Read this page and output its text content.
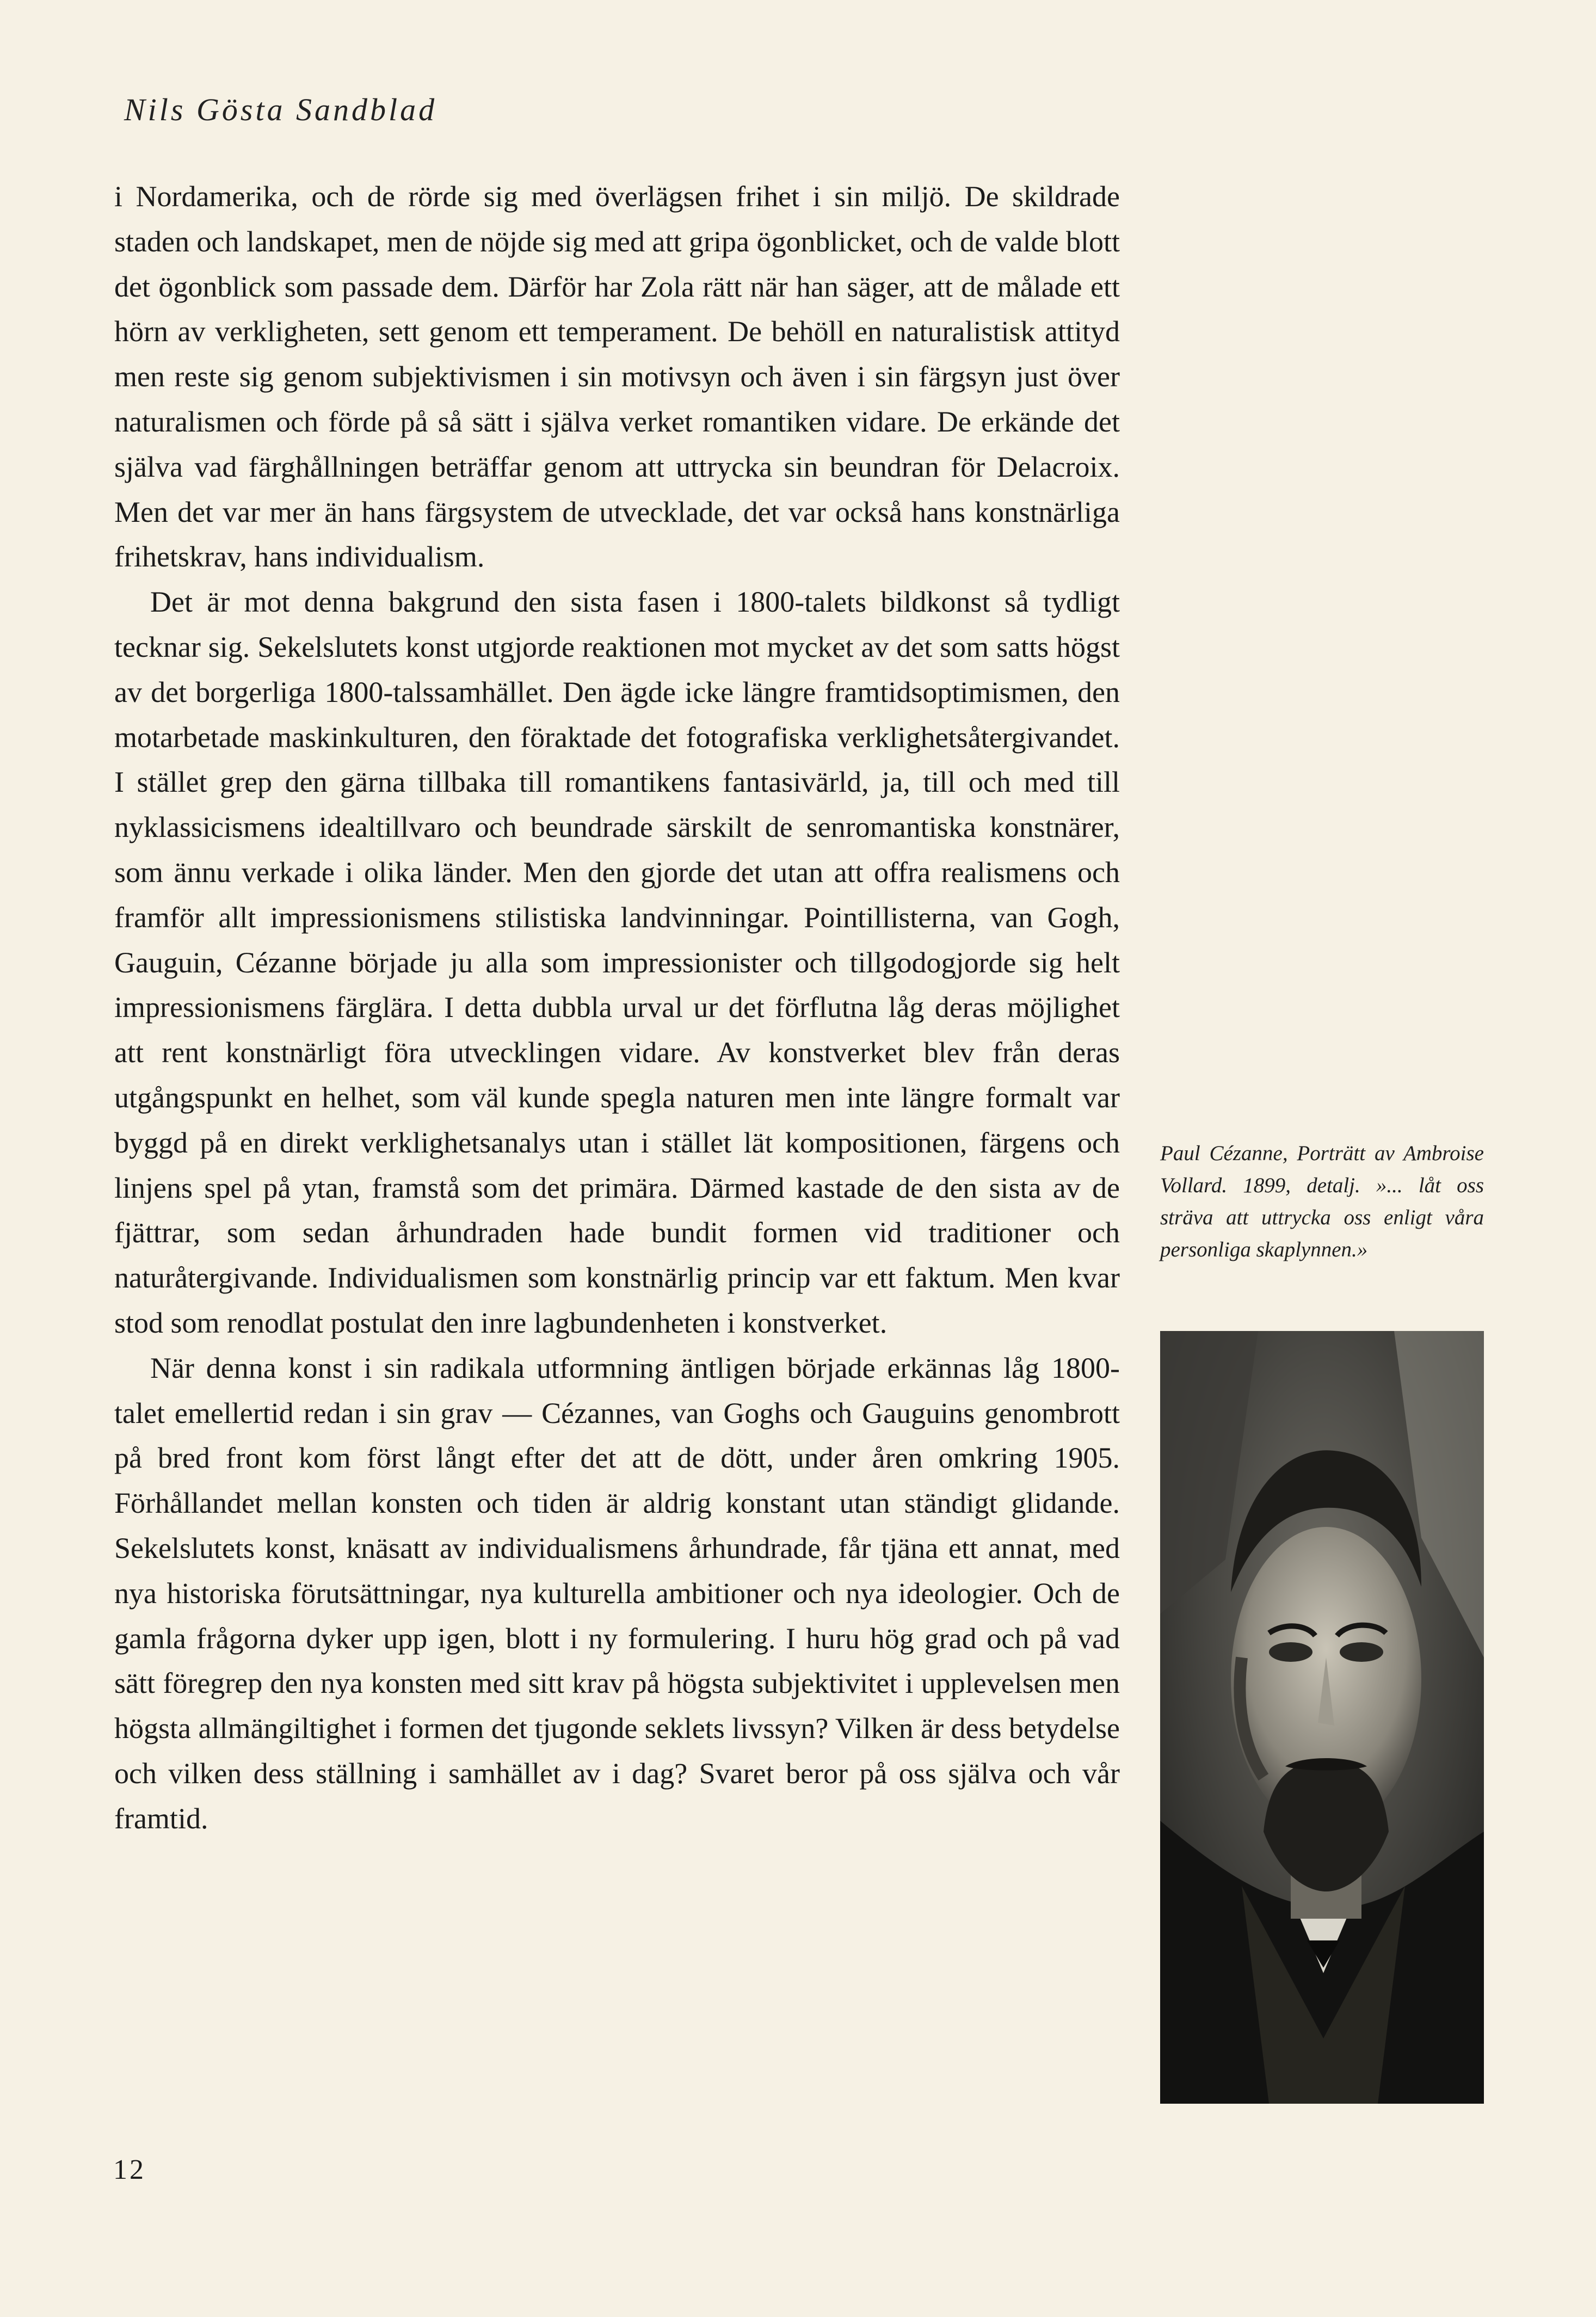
Nils Gösta Sandblad

i Nordamerika, och de rörde sig med överlägsen frihet i sin miljö. De skildrade staden och landskapet, men de nöjde sig med att gripa ögonblicket, och de valde blott det ögonblick som passade dem. Därför har Zola rätt när han säger, att de målade ett hörn av verkligheten, sett genom ett temperament. De behöll en naturalistisk attityd men reste sig genom subjektivismen i sin motivsyn och även i sin färgsyn just över naturalismen och förde på så sätt i själva verket romantiken vidare. De erkände det själva vad färghållningen beträffar genom att uttrycka sin beundran för Delacroix. Men det var mer än hans färgsystem de utvecklade, det var också hans konstnärliga frihetskrav, hans individualism.

Det är mot denna bakgrund den sista fasen i 1800-talets bildkonst så tydligt tecknar sig. Sekelslutets konst utgjorde reaktionen mot mycket av det som satts högst av det borgerliga 1800-talssamhället. Den ägde icke längre framtidsoptimismen, den motarbetade maskinkulturen, den föraktade det fotografiska verklighetsåtergivandet. I stället grep den gärna tillbaka till romantikens fantasivärld, ja, till och med till nyklassicismens idealtillvaro och beundrade särskilt de senromantiska konstnärer, som ännu verkade i olika länder. Men den gjorde det utan att offra realismens och framför allt impressionismens stilistiska landvinningar. Pointillisterna, van Gogh, Gauguin, Cézanne började ju alla som impressionister och tillgodogjorde sig helt impressionismens färglära. I detta dubbla urval ur det förflutna låg deras möjlighet att rent konstnärligt föra utvecklingen vidare. Av konstverket blev från deras utgångspunkt en helhet, som väl kunde spegla naturen men inte längre formalt var byggd på en direkt verklighetsanalys utan i stället lät kompositionen, färgens och linjens spel på ytan, framstå som det primära. Därmed kastade de den sista av de fjättrar, som sedan århundraden hade bundit formen vid traditioner och naturåtergivande. Individualismen som konstnärlig princip var ett faktum. Men kvar stod som renodlat postulat den inre lagbundenheten i konstverket.

När denna konst i sin radikala utformning äntligen började erkännas låg 1800-talet emellertid redan i sin grav — Cézannes, van Goghs och Gauguins genombrott på bred front kom först långt efter det att de dött, under åren omkring 1905. Förhållandet mellan konsten och tiden är aldrig konstant utan ständigt glidande. Sekelslutets konst, knäsatt av individualismens århundrade, får tjäna ett annat, med nya historiska förutsättningar, nya kulturella ambitioner och nya ideologier. Och de gamla frågorna dyker upp igen, blott i ny formulering. I huru hög grad och på vad sätt föregrep den nya konsten med sitt krav på högsta subjektivitet i upplevelsen men högsta allmängiltighet i formen det tjugonde seklets livssyn? Vilken är dess betydelse och vilken dess ställning i samhället av i dag? Svaret beror på oss själva och vår framtid.

Paul Cézanne, Porträtt av Ambroise Vollard. 1899, detalj. »... låt oss sträva att uttrycka oss enligt våra personliga skaplynnen.»
12
